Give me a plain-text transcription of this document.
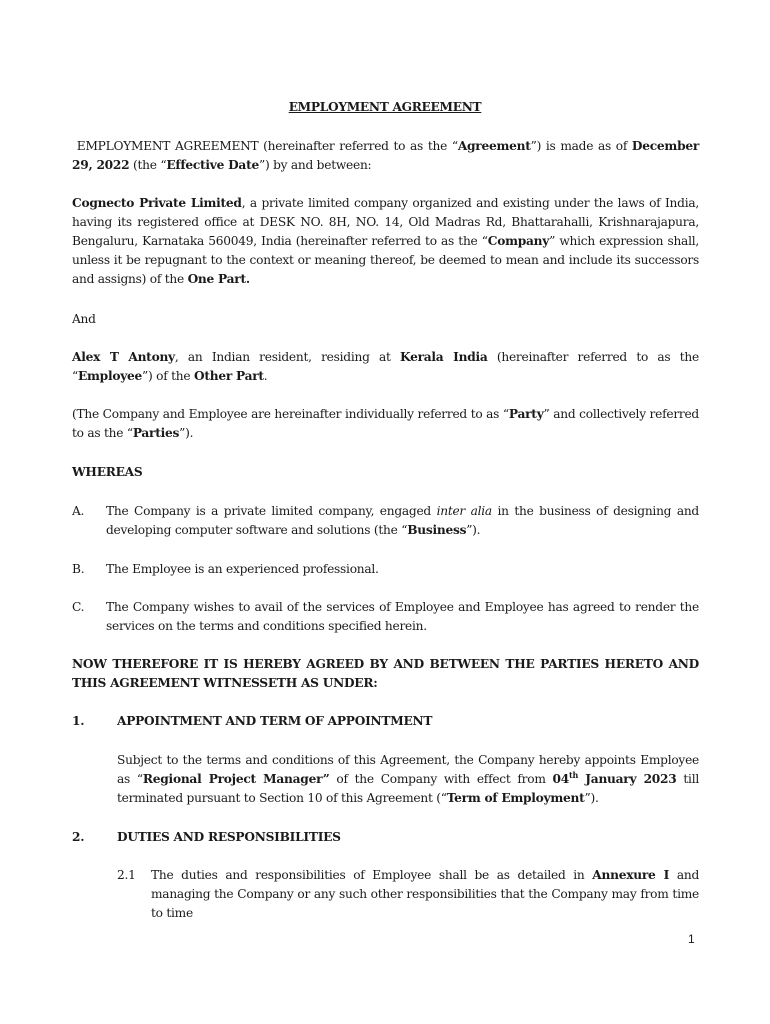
EMPLOYMENT AGREEMENT
EMPLOYMENT AGREEMENT (hereinafter referred to as the “Agreement”) is made as of December 29, 2022 (the “Effective Date”) by and between:
Cognecto Private Limited, a private limited company organized and existing under the laws of India, having its registered office at DESK NO. 8H, NO. 14, Old Madras Rd, Bhattarahalli, Krishnarajapura, Bengaluru, Karnataka 560049, India (hereinafter referred to as the “Company” which expression shall, unless it be repugnant to the context or meaning thereof, be deemed to mean and include its successors and assigns) of the One Part.
And
Alex T Antony, an Indian resident, residing at Kerala India (hereinafter referred to as the “Employee”) of the Other Part.
(The Company and Employee are hereinafter individually referred to as “Party” and collectively referred to as the “Parties”).
WHEREAS
A. The Company is a private limited company, engaged inter alia in the business of designing and developing computer software and solutions (the “Business”).
B. The Employee is an experienced professional.
C. The Company wishes to avail of the services of Employee and Employee has agreed to render the services on the terms and conditions specified herein.
NOW THEREFORE IT IS HEREBY AGREED BY AND BETWEEN THE PARTIES HERETO AND THIS AGREEMENT WITNESSETH AS UNDER:
1.	APPOINTMENT AND TERM OF APPOINTMENT
Subject to the terms and conditions of this Agreement, the Company hereby appoints Employee as “Regional Project Manager” of the Company with effect from 04th January 2023 till terminated pursuant to Section 10 of this Agreement (“Term of Employment”).
2.	DUTIES AND RESPONSIBILITIES
2.1 The duties and responsibilities of Employee shall be as detailed in Annexure I and managing the Company or any such other responsibilities that the Company may from time to time
1
